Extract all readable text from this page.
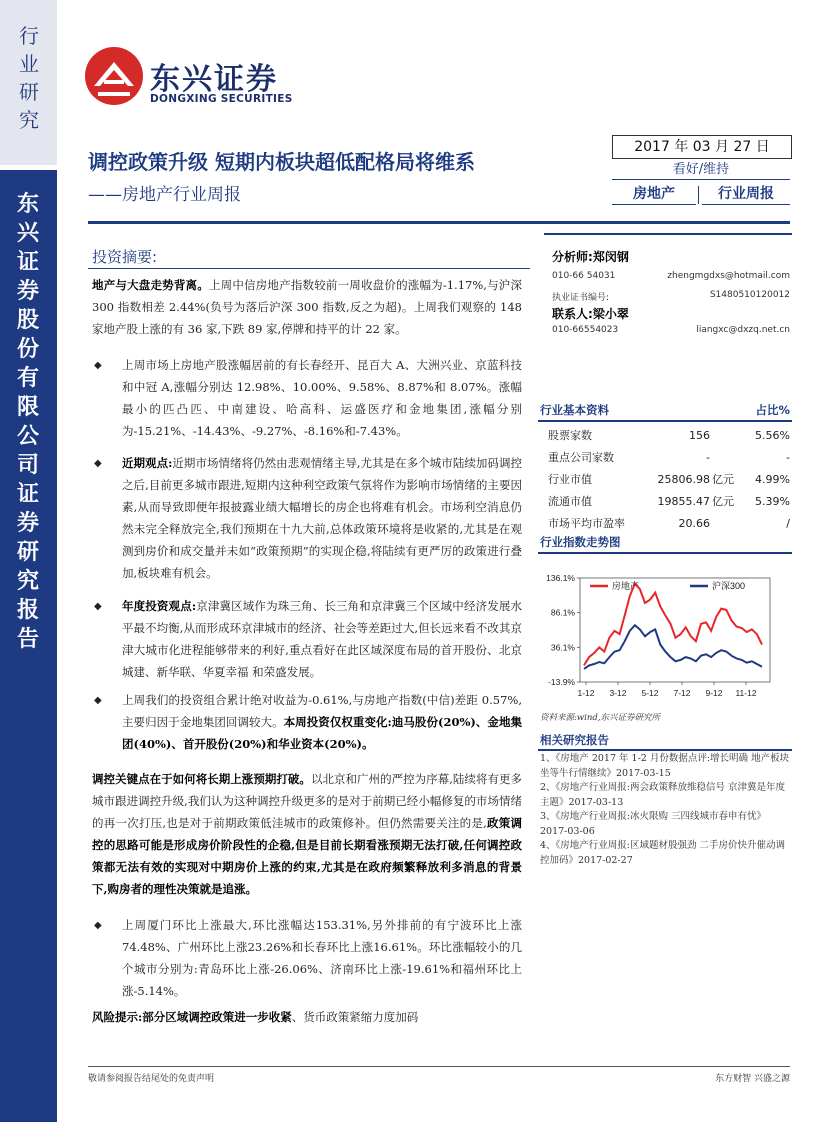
行业研究
东兴证券股份有限公司证券研究报告
东兴证券
DONGXING SECURITIES
调控政策升级 短期内板块超低配格局将维系
——房地产行业周报
2017 年 03 月 27 日
看好/维持
房地产	行业周报
投资摘要:
地产与大盘走势背离。上周中信房地产指数较前一周收盘价的涨幅为-1.17%,与沪深 300 指数相差 2.44%(负号为落后沪深 300 指数,反之为超)。上周我们观察的 148 家地产股上涨的有 36 家,下跌 89 家,停牌和持平的计 22 家。
◆ 上周市场上房地产股涨幅居前的有长春经开、昆百大 A、大洲兴业、京蓝科技和中冠 A,涨幅分别达 12.98%、10.00%、9.58%、8.87%和 8.07%。涨幅最小的匹凸匹、中南建设、哈高科、运盛医疗和金地集团,涨幅分别为-15.21%、-14.43%、-9.27%、-8.16%和-7.43%。
◆ 近期观点:近期市场情绪将仍然由悲观情绪主导,尤其是在多个城市陆续加码调控之后,目前更多城市跟进,短期内这种利空政策气氛将作为影响市场情绪的主要因素,从而导致即便年报披露业绩大幅增长的房企也将难有机会。市场利空消息仍然未完全释放完全,我们预期在十九大前,总体政策环境将是收紧的,尤其是在观测到房价和成交量并未如“政策预期”的实现企稳,将陆续有更严厉的政策进行叠加,板块难有机会。
◆ 年度投资观点:京津冀区域作为珠三角、长三角和京津冀三个区域中经济发展水平最不均衡,从而形成环京津城市的经济、社会等差距过大,但长远来看不改其京津大城市化进程能够带来的利好,重点看好在此区域深度布局的首开股份、北京城建、新华联、华夏幸福 和荣盛发展。
◆ 上周我们的投资组合累计绝对收益为-0.61%,与房地产指数(中信)差距 0.57%,主要归因于金地集团回调较大。本周投资仅权重变化:迪马股份(20%)、金地集团(40%)、首开股份(20%)和华业资本(20%)。
调控关键点在于如何将长期上涨预期打破。以北京和广州的严控为序幕,陆续将有更多城市跟进调控升级,我们认为这种调控升级更多的是对于前期已经小幅修复的市场情绪的再一次打压,也是对于前期政策低洼城市的政策修补。但仍然需要关注的是,政策调控的思路可能是形成房价阶段性的企稳,但是目前长期看涨预期无法打破,任何调控政策都无法有效的实现对中期房价上涨的约束,尤其是在政府频繁释放利多消息的背景下,购房者的理性决策就是追涨。
◆ 上周厦门环比上涨最大,环比涨幅达153.31%,另外排前的有宁波环比上涨74.48%、广州环比上涨23.26%和长春环比上涨16.61%。环比涨幅较小的几个城市分别为:青岛环比上涨-26.06%、济南环比上涨-19.61%和福州环比上涨-5.14%。
风险提示:部分区域调控政策进一步收紧、货币政策紧缩力度加码
分析师:郑闵钢
010-66 54031	zhengmgdxs@hotmail.com
执业证书编号:	S1480510120012
联系人:梁小翠
010-66554023	liangxc@dxzq.net.cn
行业基本资料	占比%
股票家数	156	5.56%
重点公司家数	-	-
行业市值	25806.98 亿元	4.99%
流通市值	19855.47 亿元	5.39%
市场平均市盈率	20.66	/
行业指数走势图
136.1%
86.1%
36.1%
-13.9%
1-12 3-12 5-12 7-12 9-12 11-12
房地产	沪深300
资料来源:wind,东兴证券研究所
相关研究报告
1、《房地产 2017 年 1-2 月份数据点评:增长明确 地产板块坐等牛行情继续》2017-03-15
2、《房地产行业周报:两会政策释放维稳信号 京津冀是年度主题》2017-03-13
3、《房地产行业周报:冰火限购 三四线城市春申有忧》2017-03-06
4、《房地产行业周报:区域题材殷强劲 二手房价快升催动调控加码》2017-02-27
敬请参阅报告结尾处的免责声明	东方财智 兴盛之源
